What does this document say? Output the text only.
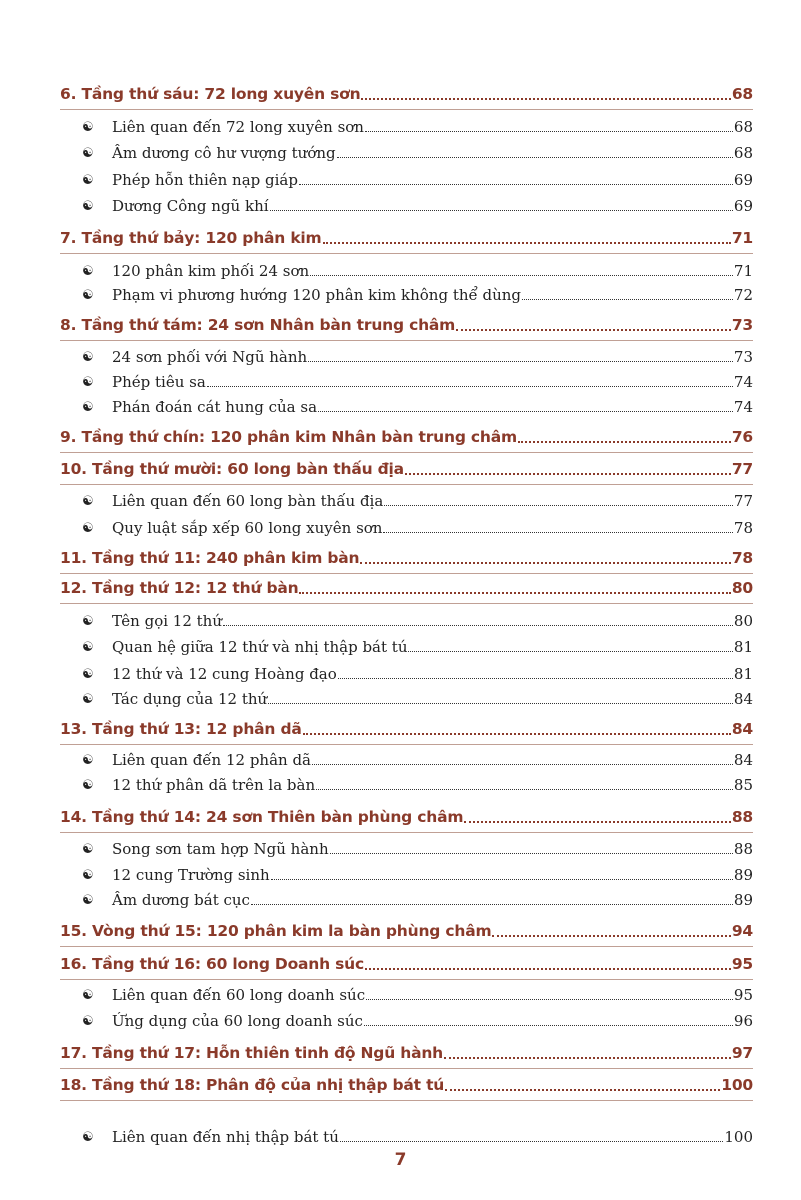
6. Tầng thứ sáu: 72 long xuyên sơn	68
☯	Liên quan đến 72 long xuyên sơn	68
☯	Âm dương cô hư vượng tướng	68
☯	Phép hỗn thiên nạp giáp	69
☯	Dương Công ngũ khí	69
7. Tầng thứ bảy: 120 phân kim	71
☯	120 phân kim phối 24 sơn	71
☯	Phạm vi phương hướng 120 phân kim không thể dùng	72
8. Tầng thứ tám: 24 sơn Nhân bàn trung châm	73
☯	24 sơn phối với Ngũ hành	73
☯	Phép tiêu sa	74
☯	Phán đoán cát hung của sa	74
9. Tầng thứ chín: 120 phân kim Nhân bàn trung châm	76
10. Tầng thứ mười: 60 long bàn thấu địa	77
☯	Liên quan đến 60 long bàn thấu địa	77
☯	Quy luật sắp xếp 60 long xuyên sơn	78
11. Tầng thứ 11: 240 phân kim bàn	78
12. Tầng thứ 12: 12 thứ bàn	80
☯	Tên gọi 12 thứ	80
☯	Quan hệ giữa 12 thứ và nhị thập bát tú	81
☯	12 thứ và 12 cung Hoàng đạo	81
☯	Tác dụng của 12 thứ	84
13. Tầng thứ 13: 12 phân dã	84
☯	Liên quan đến 12 phân dã	84
☯	12 thứ phân dã trên la bàn	85
14. Tầng thứ 14: 24 sơn Thiên bàn phùng châm	88
☯	Song sơn tam hợp Ngũ hành	88
☯	12 cung Trường sinh	89
☯	Âm dương bát cục	89
15. Vòng thứ 15: 120 phân kim la bàn phùng châm	94
16. Tầng thứ 16: 60 long Doanh súc	95
☯	Liên quan đến 60 long doanh súc	95
☯	Ứng dụng của 60 long doanh súc	96
17. Tầng thứ 17: Hỗn thiên tinh độ Ngũ hành	97
18. Tầng thứ 18: Phân độ của nhị thập bát tú	100
☯	Liên quan đến nhị thập bát tú	100
7
